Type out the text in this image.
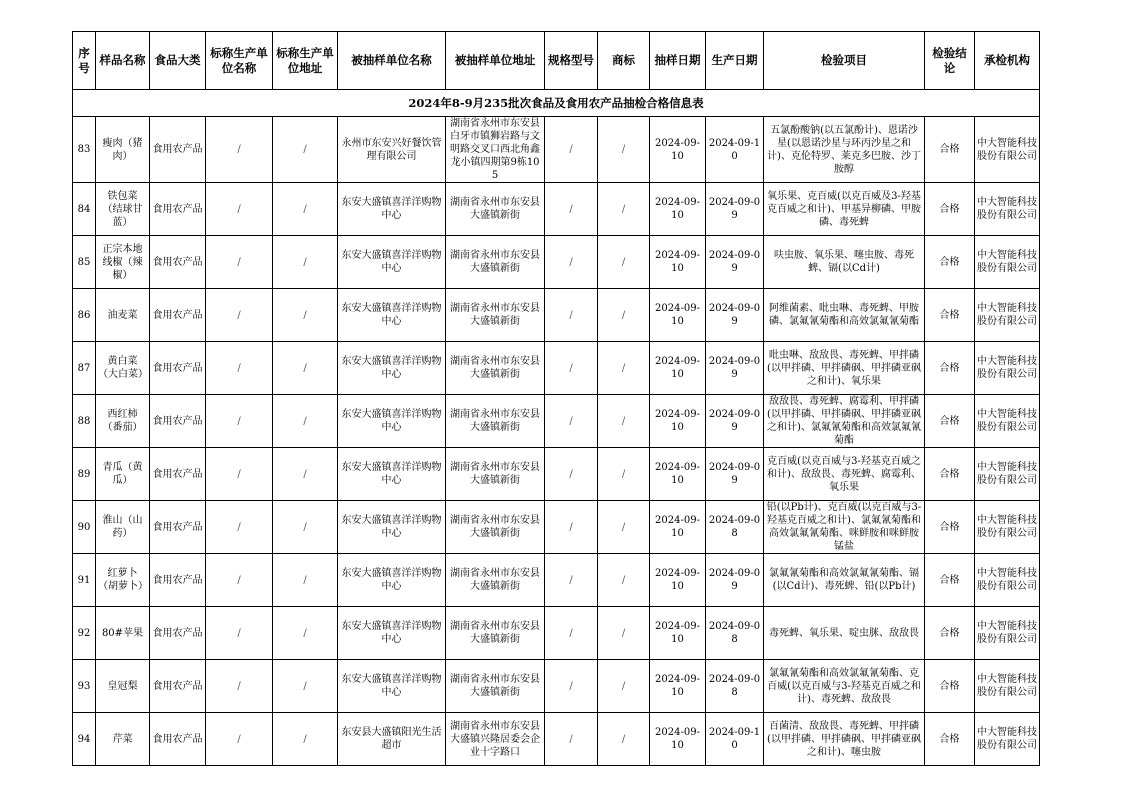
2024年8-9月235批次食品及食用农产品抽检合格信息表													
序号	样品名称	食品大类	标称生产单位名称	标称生产单位地址	被抽样单位名称	被抽样单位地址	规格型号	商标	抽样日期	生产日期	检验项目	检验结论	承检机构
83	瘦肉（猪肉）	食用农产品	/	/	永州市东安兴好餐饮管理有限公司	湖南省永州市东安县白牙市镇狮岩路与文明路交叉口西北角鑫龙小镇四期第9栋105	/	/	2024-09-10	2024-09-10	五氯酚酸钠(以五氯酚计)、恩诺沙星(以恩诺沙星与环丙沙星之和计)、克伦特罗、莱克多巴胺、沙丁胺醇	合格	中大智能科技股份有限公司
84	铁包菜（结球甘蓝）	食用农产品	/	/	东安大盛镇喜洋洋购物中心	湖南省永州市东安县大盛镇新街	/	/	2024-09-10	2024-09-09	氧乐果、克百威(以克百威及3-羟基克百威之和计)、甲基异柳磷、甲胺磷、毒死蜱	合格	中大智能科技股份有限公司
85	正宗本地线椒（辣椒）	食用农产品	/	/	东安大盛镇喜洋洋购物中心	湖南省永州市东安县大盛镇新街	/	/	2024-09-10	2024-09-09	呋虫胺、氧乐果、噻虫胺、毒死蜱、镉(以Cd计)	合格	中大智能科技股份有限公司
86	油麦菜	食用农产品	/	/	东安大盛镇喜洋洋购物中心	湖南省永州市东安县大盛镇新街	/	/	2024-09-10	2024-09-09	阿维菌素、吡虫啉、毒死蜱、甲胺磷、氯氟氰菊酯和高效氯氟氰菊酯	合格	中大智能科技股份有限公司
87	黄白菜（大白菜）	食用农产品	/	/	东安大盛镇喜洋洋购物中心	湖南省永州市东安县大盛镇新街	/	/	2024-09-10	2024-09-09	吡虫啉、敌敌畏、毒死蜱、甲拌磷(以甲拌磷、甲拌磷砜、甲拌磷亚砜之和计)、氧乐果	合格	中大智能科技股份有限公司
88	西红柿（番茄）	食用农产品	/	/	东安大盛镇喜洋洋购物中心	湖南省永州市东安县大盛镇新街	/	/	2024-09-10	2024-09-09	敌敌畏、毒死蜱、腐霉利、甲拌磷(以甲拌磷、甲拌磷砜、甲拌磷亚砜之和计)、氯氟氰菊酯和高效氯氟氰菊酯	合格	中大智能科技股份有限公司
89	青瓜（黄瓜）	食用农产品	/	/	东安大盛镇喜洋洋购物中心	湖南省永州市东安县大盛镇新街	/	/	2024-09-10	2024-09-09	克百威(以克百威与3-羟基克百威之和计)、敌敌畏、毒死蜱、腐霉利、氧乐果	合格	中大智能科技股份有限公司
90	淮山（山药）	食用农产品	/	/	东安大盛镇喜洋洋购物中心	湖南省永州市东安县大盛镇新街	/	/	2024-09-10	2024-09-08	铅(以Pb计)、克百威(以克百威与3-羟基克百威之和计)、氯氟氰菊酯和高效氯氟氰菊酯、咪鲜胺和咪鲜胺锰盐	合格	中大智能科技股份有限公司
91	红萝卜（胡萝卜）	食用农产品	/	/	东安大盛镇喜洋洋购物中心	湖南省永州市东安县大盛镇新街	/	/	2024-09-10	2024-09-09	氯氟氰菊酯和高效氯氟氰菊酯、镉(以Cd计)、毒死蜱、铅(以Pb计)	合格	中大智能科技股份有限公司
92	80#苹果	食用农产品	/	/	东安大盛镇喜洋洋购物中心	湖南省永州市东安县大盛镇新街	/	/	2024-09-10	2024-09-08	毒死蜱、氧乐果、啶虫脒、敌敌畏	合格	中大智能科技股份有限公司
93	皇冠梨	食用农产品	/	/	东安大盛镇喜洋洋购物中心	湖南省永州市东安县大盛镇新街	/	/	2024-09-10	2024-09-08	氯氟氰菊酯和高效氯氟氰菊酯、克百威(以克百威与3-羟基克百威之和计)、毒死蜱、敌敌畏	合格	中大智能科技股份有限公司
94	芹菜	食用农产品	/	/	东安县大盛镇阳光生活超市	湖南省永州市东安县大盛镇兴隆居委会企业十字路口	/	/	2024-09-10	2024-09-10	百菌清、敌敌畏、毒死蜱、甲拌磷(以甲拌磷、甲拌磷砜、甲拌磷亚砜之和计)、噻虫胺	合格	中大智能科技股份有限公司
